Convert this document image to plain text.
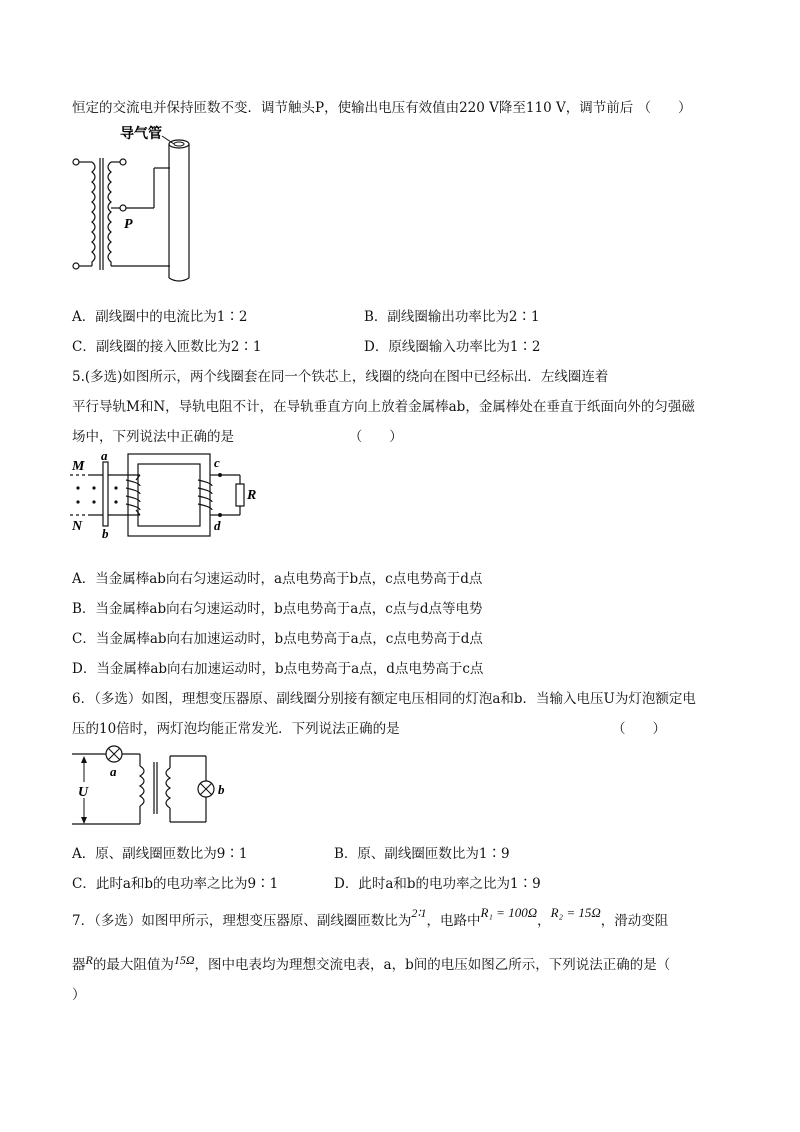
恒定的交流电并保持匝数不变．调节触头P，使输出电压有效值由220 V降至110 V，调节前后 （　　）
导气管
P
A．副线圈中的电流比为1∶2	B．副线圈输出功率比为2∶1
C．副线圈的接入匝数比为2∶1	D．原线圈输入功率比为1∶2
5.(多选)如图所示，两个线圈套在同一个铁芯上，线圈的绕向在图中已经标出．左线圈连着
平行导轨M和N，导轨电阻不计，在导轨垂直方向上放着金属棒ab，金属棒处在垂直于纸面向外的匀强磁
场中，下列说法中正确的是　　　　　　　　　（　　）
M
N
a
b
c
d
R
A．当金属棒ab向右匀速运动时，a点电势高于b点，c点电势高于d点
B．当金属棒ab向右匀速运动时，b点电势高于a点，c点与d点等电势
C．当金属棒ab向右加速运动时，b点电势高于a点，c点电势高于d点
D．当金属棒ab向右加速运动时，b点电势高于a点，d点电势高于c点
6．（多选）如图，理想变压器原、副线圈分别接有额定电压相同的灯泡a和b．当输入电压U为灯泡额定电
压的10倍时，两灯泡均能正常发光．下列说法正确的是	（　　）
U
a
b
A．原、副线圈匝数比为9∶1	B．原、副线圈匝数比为1∶9
C．此时a和b的电功率之比为9∶1	D．此时a和b的电功率之比为1∶9
7．（多选）如图甲所示，理想变压器原、副线圈匝数比为2∶1，电路中R₁ = 100Ω，R₂ = 15Ω，滑动变阻
器R的最大阻值为15Ω，图中电表均为理想交流电表，a，b间的电压如图乙所示，下列说法正确的是（
）
